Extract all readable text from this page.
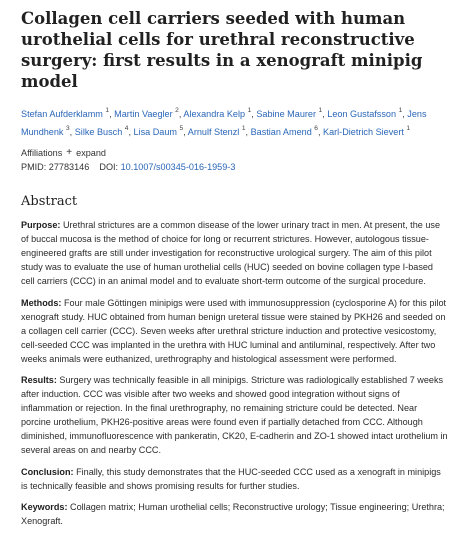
Collagen cell carriers seeded with human urothelial cells for urethral reconstructive surgery: first results in a xenograft minipig model
Stefan Aufderklamm $^1$, Martin Vaegler $^2$, Alexandra Kelp $^1$, Sabine Maurer $^1$, Leon Gustafsson $^1$, Jens Mundhenk $^3$, Silke Busch $^4$, Lisa Daum $^5$, Arnulf Stenzl $^1$, Bastian Amend $^6$, Karl-Dietrich Sievert $^1$
Affiliations + expand
PMID: 27783146 DOI: 10.1007/s00345-016-1959-3
Abstract

Purpose: Urethral strictures are a common disease of the lower urinary tract in men. At present, the use of buccal mucosa is the method of choice for long or recurrent strictures. However, autologous tissue-engineered grafts are still under investigation for reconstructive urological surgery. The aim of this pilot study was to evaluate the use of human urothelial cells (HUC) seeded on bovine collagen type I-based cell carriers (CCC) in an animal model and to evaluate short-term outcome of the surgical procedure.

Methods: Four male Göttingen minipigs were used with immunosuppression (cyclosporine A) for this pilot xenograft study. HUC obtained from human benign ureteral tissue were stained by PKH26 and seeded on a collagen cell carrier (CCC). Seven weeks after urethral stricture induction and protective vesicostomy, cell-seeded CCC was implanted in the urethra with HUC luminal and antiluminal, respectively. After two weeks animals were euthanized, urethrography and histological assessment were performed.

Results: Surgery was technically feasible in all minipigs. Stricture was radiologically established 7 weeks after induction. CCC was visible after two weeks and showed good integration without signs of inflammation or rejection. In the final urethrography, no remaining stricture could be detected. Near porcine urothelium, PKH26-positive areas were found even if partially detached from CCC. Although diminished, immunofluorescence with pankeratin, CK20, E-cadherin and ZO-1 showed intact urothelium in several areas on and nearby CCC.

Conclusion: Finally, this study demonstrates that the HUC-seeded CCC used as a xenograft in minipigs is technically feasible and shows promising results for further studies.

Keywords: Collagen matrix; Human urothelial cells; Reconstructive urology; Tissue engineering; Urethra; Xenograft.
